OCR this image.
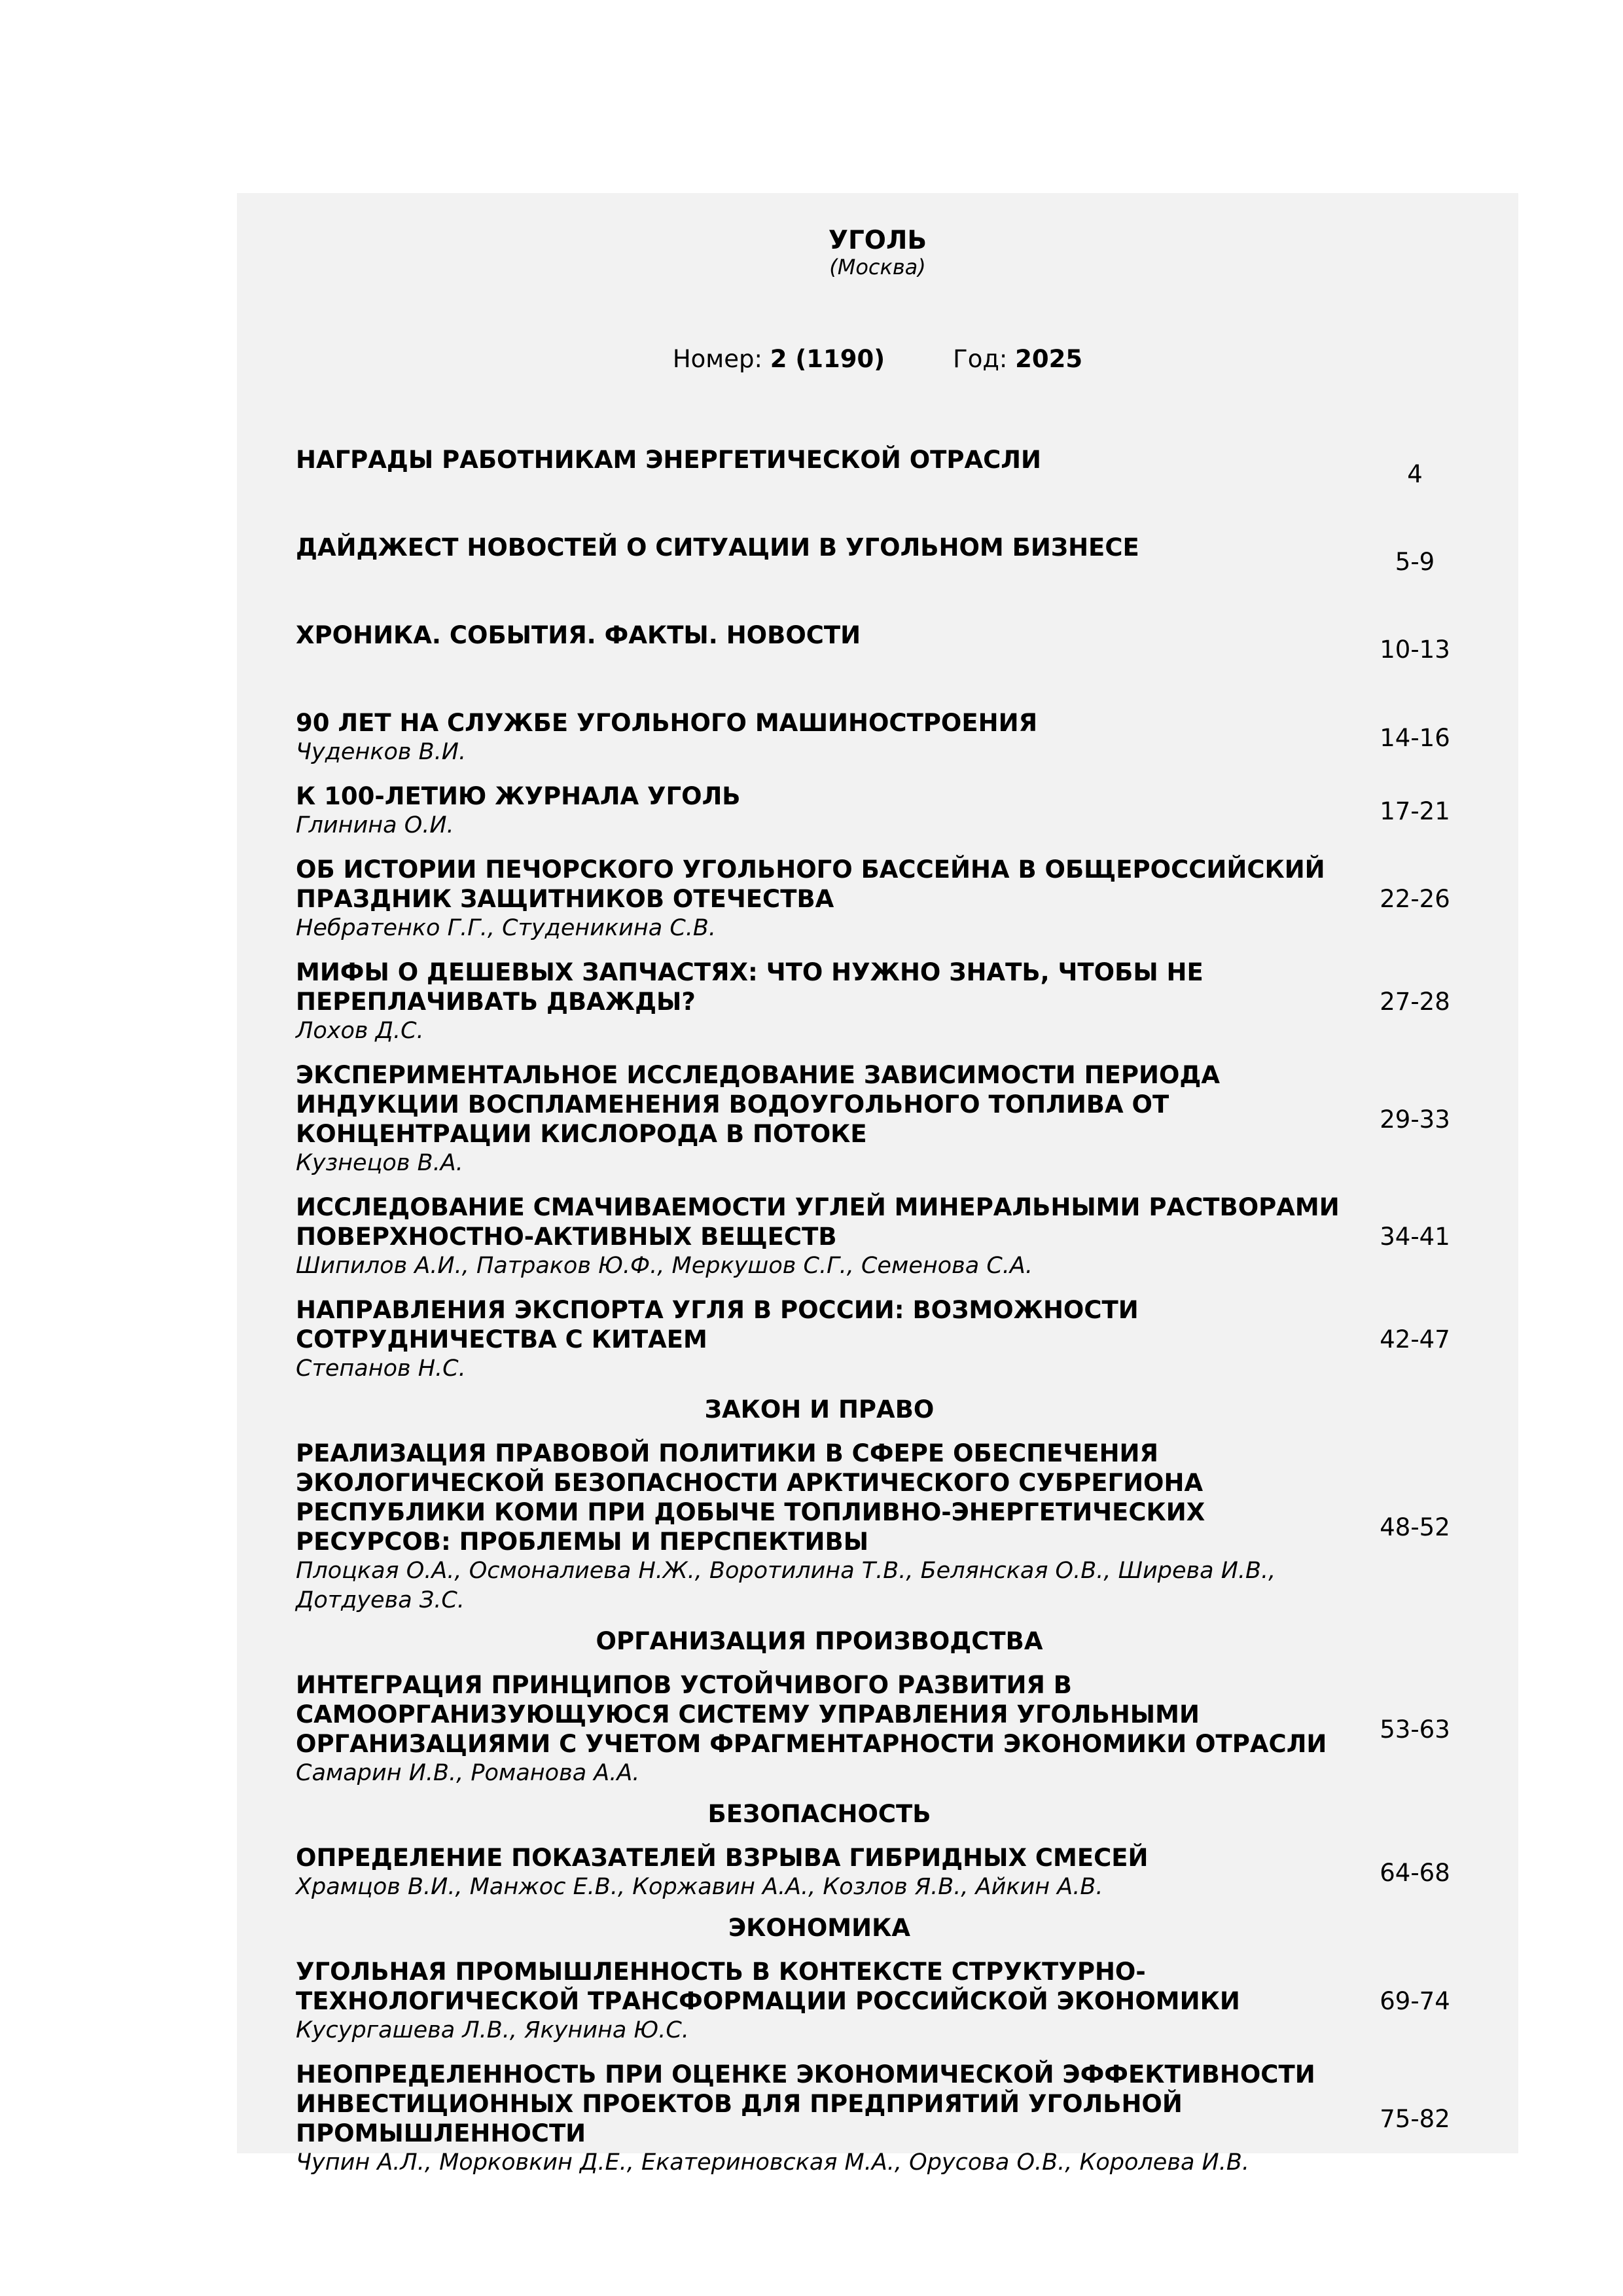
УГОЛЬ
(Москва)
Номер: 2 (1190)	Год: 2025
НАГРАДЫ РАБОТНИКАМ ЭНЕРГЕТИЧЕСКОЙ ОТРАСЛИ
4
ДАЙДЖЕСТ НОВОСТЕЙ О СИТУАЦИИ В УГОЛЬНОМ БИЗНЕСЕ
5-9
ХРОНИКА. СОБЫТИЯ. ФАКТЫ. НОВОСТИ
10-13
90 ЛЕТ НА СЛУЖБЕ УГОЛЬНОГО МАШИНОСТРОЕНИЯ
Чуденков В.И.
14-16
К 100-ЛЕТИЮ ЖУРНАЛА УГОЛЬ
Глинина О.И.
17-21
ОБ ИСТОРИИ ПЕЧОРСКОГО УГОЛЬНОГО БАССЕЙНА В ОБЩЕРОССИЙСКИЙ ПРАЗДНИК ЗАЩИТНИКОВ ОТЕЧЕСТВА
Небратенко Г.Г., Студеникина С.В.
22-26
МИФЫ О ДЕШЕВЫХ ЗАПЧАСТЯХ: ЧТО НУЖНО ЗНАТЬ, ЧТОБЫ НЕ ПЕРЕПЛАЧИВАТЬ ДВАЖДЫ?
Лохов Д.С.
27-28
ЭКСПЕРИМЕНТАЛЬНОЕ ИССЛЕДОВАНИЕ ЗАВИСИМОСТИ ПЕРИОДА ИНДУКЦИИ ВОСПЛАМЕНЕНИЯ ВОДОУГОЛЬНОГО ТОПЛИВА ОТ КОНЦЕНТРАЦИИ КИСЛОРОДА В ПОТОКЕ
Кузнецов В.А.
29-33
ИССЛЕДОВАНИЕ СМАЧИВАЕМОСТИ УГЛЕЙ МИНЕРАЛЬНЫМИ РАСТВОРАМИ ПОВЕРХНОСТНО-АКТИВНЫХ ВЕЩЕСТВ
Шипилов А.И., Патраков Ю.Ф., Меркушов С.Г., Семенова С.А.
34-41
НАПРАВЛЕНИЯ ЭКСПОРТА УГЛЯ В РОССИИ: ВОЗМОЖНОСТИ СОТРУДНИЧЕСТВА С КИТАЕМ
Степанов Н.С.
42-47
ЗАКОН И ПРАВО
РЕАЛИЗАЦИЯ ПРАВОВОЙ ПОЛИТИКИ В СФЕРЕ ОБЕСПЕЧЕНИЯ ЭКОЛОГИЧЕСКОЙ БЕЗОПАСНОСТИ АРКТИЧЕСКОГО СУБРЕГИОНА РЕСПУБЛИКИ КОМИ ПРИ ДОБЫЧЕ ТОПЛИВНО-ЭНЕРГЕТИЧЕСКИХ РЕСУРСОВ: ПРОБЛЕМЫ И ПЕРСПЕКТИВЫ
Плоцкая О.А., Осмоналиева Н.Ж., Воротилина Т.В., Белянская О.В., Ширева И.В., Дотдуева З.С.
48-52
ОРГАНИЗАЦИЯ ПРОИЗВОДСТВА
ИНТЕГРАЦИЯ ПРИНЦИПОВ УСТОЙЧИВОГО РАЗВИТИЯ В САМООРГАНИЗУЮЩУЮСЯ СИСТЕМУ УПРАВЛЕНИЯ УГОЛЬНЫМИ ОРГАНИЗАЦИЯМИ С УЧЕТОМ ФРАГМЕНТАРНОСТИ ЭКОНОМИКИ ОТРАСЛИ
Самарин И.В., Романова А.А.
53-63
БЕЗОПАСНОСТЬ
ОПРЕДЕЛЕНИЕ ПОКАЗАТЕЛЕЙ ВЗРЫВА ГИБРИДНЫХ СМЕСЕЙ
Храмцов В.И., Манжос Е.В., Коржавин А.А., Козлов Я.В., Айкин А.В.
64-68
ЭКОНОМИКА
УГОЛЬНАЯ ПРОМЫШЛЕННОСТЬ В КОНТЕКСТЕ СТРУКТУРНО-ТЕХНОЛОГИЧЕСКОЙ ТРАНСФОРМАЦИИ РОССИЙСКОЙ ЭКОНОМИКИ
Кусургашева Л.В., Якунина Ю.С.
69-74
НЕОПРЕДЕЛЕННОСТЬ ПРИ ОЦЕНКЕ ЭКОНОМИЧЕСКОЙ ЭФФЕКТИВНОСТИ ИНВЕСТИЦИОННЫХ ПРОЕКТОВ ДЛЯ ПРЕДПРИЯТИЙ УГОЛЬНОЙ ПРОМЫШЛЕННОСТИ
Чупин А.Л., Морковкин Д.Е., Екатериновская М.А., Орусова О.В., Королева И.В.
75-82
